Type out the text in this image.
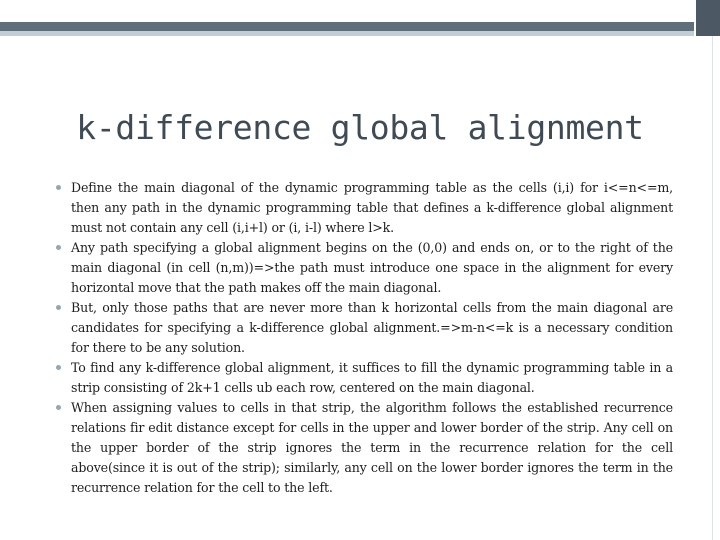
k-difference global alignment
Define the main diagonal of the dynamic programming table as the cells (i,i) for i<=n<=m, then any path in the dynamic programming table that defines a k-difference global alignment must not contain any cell (i,i+l) or (i, i-l) where l>k.
Any path specifying a global alignment begins on the (0,0) and ends on, or to the right of the main diagonal (in cell (n,m))=>the path must introduce one space in the alignment for every horizontal move that the path makes off the main diagonal.
But, only those paths that are never more than k horizontal cells from the main diagonal are candidates for specifying a k-difference global alignment.=>m-n<=k is a necessary condition for there to be any solution.
To find any k-difference global alignment, it suffices to fill the dynamic programming table in a strip consisting of 2k+1 cells ub each row, centered on the main diagonal.
When assigning values to cells in that strip, the algorithm follows the established recurrence relations fir edit distance except for cells in the upper and lower border of the strip. Any cell on the upper border of the strip ignores the term in the recurrence relation for the cell above(since it is out of the strip); similarly, any cell on the lower border ignores the term in the recurrence relation for the cell to the left.
